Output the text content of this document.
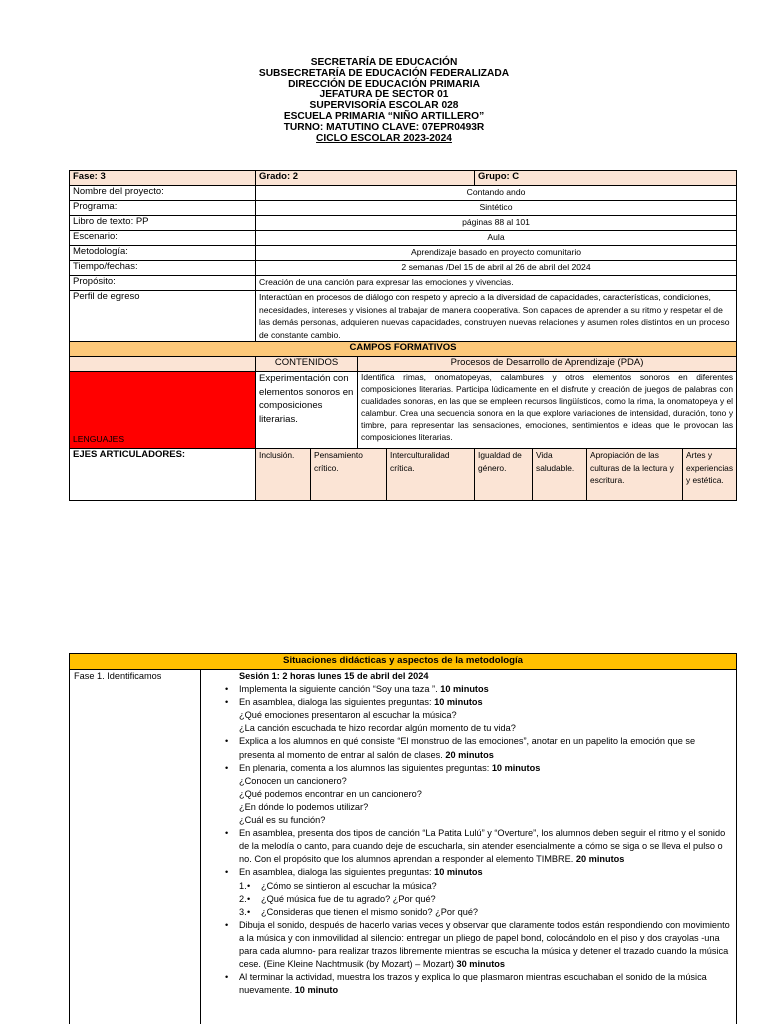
SECRETARÍA DE EDUCACIÓN
SUBSECRETARÍA DE EDUCACIÓN FEDERALIZADA
DIRECCIÓN DE EDUCACIÓN PRIMARIA
JEFATURA DE SECTOR 01
SUPERVISORÍA ESCOLAR 028
ESCUELA PRIMARIA “NIÑO ARTILLERO”
TURNO: MATUTINO CLAVE: 07EPR0493R
CICLO ESCOLAR 2023-2024
Fase: 3	Grado: 2				Grupo: C			
Nombre del proyecto:	Contando ando							
Programa:	Sintético							
Libro de texto: PP	páginas 88 al 101							
Escenario:	Aula							
Metodología:	Aprendizaje basado en proyecto comunitario							
Tiempo/fechas:	2 semanas /Del 15 de abril al 26 de abril del 2024							
Propósito:	Creación de una canción para expresar las emociones y vivencias.							
Perfil de egreso	Interactúan en procesos de diálogo con respeto y aprecio a la diversidad de capacidades, características, condiciones, necesidades, intereses y visiones al trabajar de manera cooperativa. Son capaces de aprender a su ritmo y respetar el de las demás personas, adquieren nuevas capacidades, construyen nuevas relaciones y asumen roles distintos en un proceso de constante cambio.							
CAMPOS FORMATIVOS								
	CONTENIDOS		Procesos de Desarrollo de Aprendizaje (PDA)					
LENGUAJES	Experimentación con elementos sonoros en composiciones literarias.		Identifica rimas, onomatopeyas, calambures y otros elementos sonoros en diferentes composiciones literarias. Participa lúdicamente en el disfrute y creación de juegos de palabras con cualidades sonoras, en las que se empleen recursos lingüísticos, como la rima, la onomatopeya y el calambur. Crea una secuencia sonora en la que explore variaciones de intensidad, duración, tono y timbre, para representar las sensaciones, emociones, sentimientos e ideas que le provocan las composiciones literarias.					
EJES ARTICULADORES:	Inclusión.	Pensamiento crítico.		Interculturalidad crítica.	Igualdad de género.	Vida saludable.	Apropiación de las culturas de la lectura y escritura.	Artes y experiencias y estética.
Situaciones didácticas y aspectos de la metodología
Fase 1. Identificamos	Sesión 1: 2 horas lunes 15 de abril del 2024
• Implementa la siguiente canción “Soy una taza ”. 10 minutos
• En asamblea, dialoga las siguientes preguntas: 10 minutos
¿Qué emociones presentaron al escuchar la música?
¿La canción escuchada te hizo recordar algún momento de tu vida?
• Explica a los alumnos en qué consiste “El monstruo de las emociones”, anotar en un papelito la emoción que se presenta al momento de entrar al salón de clases. 20 minutos
• En plenaria, comenta a los alumnos las siguientes preguntas: 10 minutos
¿Conocen un cancionero?
¿Qué podemos encontrar en un cancionero?
¿En dónde lo podemos utilizar?
¿Cuál es su función?
• En asamblea, presenta dos tipos de canción “La Patita Lulú” y “Overture”, los alumnos deben seguir el ritmo y el sonido de la melodía o canto, para cuando deje de escucharla, sin atender esencialmente a cómo se siga o se lleva el pulso o no. Con el propósito que los alumnos aprendan a responder al elemento TIMBRE. 20 minutos
• En asamblea, dialoga las siguientes preguntas: 10 minutos
• 1. ¿Cómo se sintieron al escuchar la música?
• 2. ¿Qué música fue de tu agrado? ¿Por qué?
• 3. ¿Consideras que tienen el mismo sonido? ¿Por qué?
• Dibuja el sonido, después de hacerlo varias veces y observar que claramente todos están respondiendo con movimiento a la música y con inmovilidad al silencio: entregar un pliego de papel bond, colocándolo en el piso y dos crayolas -una para cada alumno- para realizar trazos libremente mientras se escucha la música y detener el trazado cuando la música cese. (Eine Kleine Nachtmusik (by Mozart) – Mozart) 30 minutos
• Al terminar la actividad, muestra los trazos y explica lo que plasmaron mientras escuchaban el sonido de la música nuevamente. 10 minuto
